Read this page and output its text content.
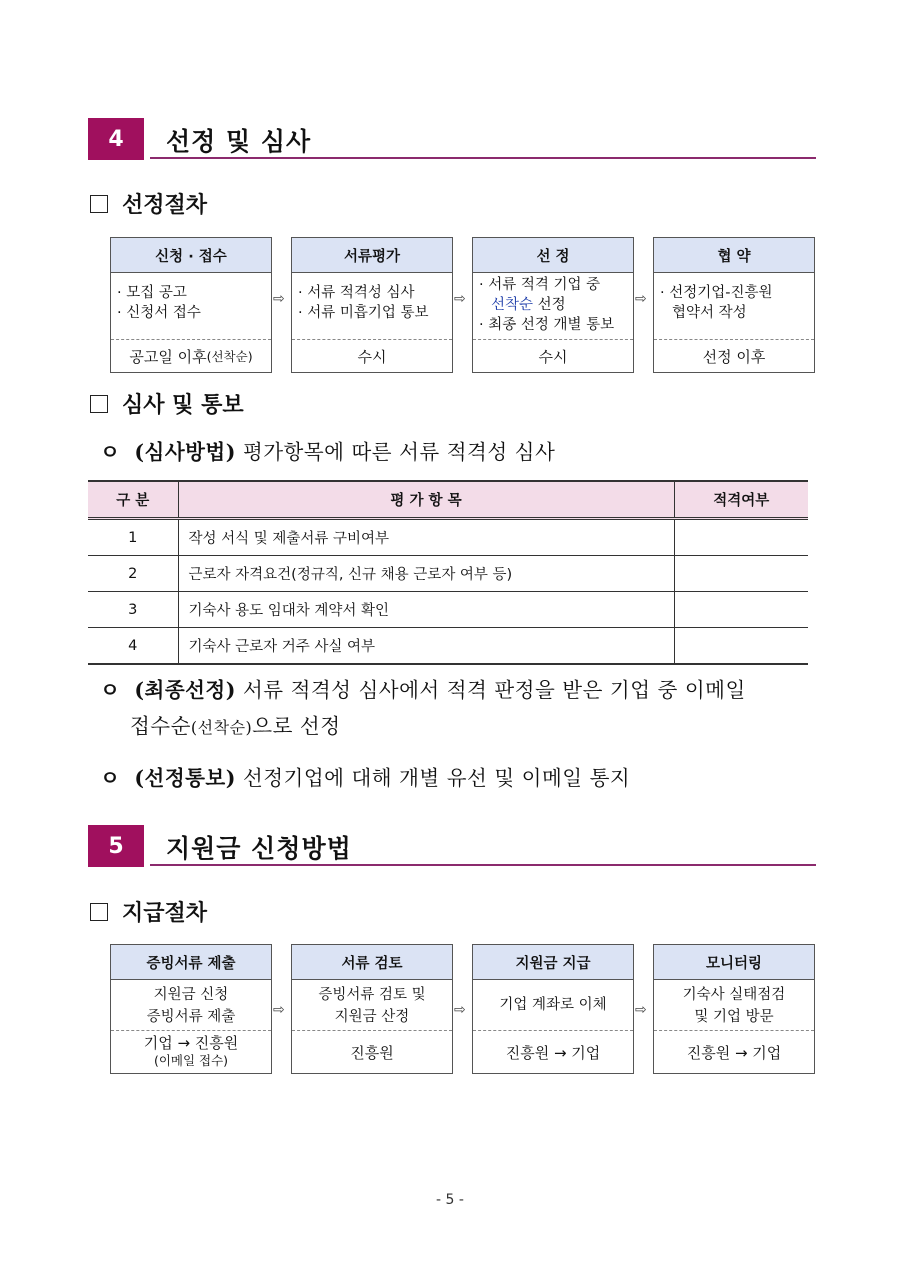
4	선정 및 심사
선정절차
신청 · 접수
· 모집 공고
· 신청서 접수
공고일 이후 (선착순)
⇨
서류평가
· 서류 적격성 심사
· 서류 미흡기업 통보
수시
⇨
선 정
· 서류 적격 기업 중
선착순 선정
· 최종 선정 개별 통보
수시
⇨
협 약
· 선정기업-진흥원
협약서 작성
선정 이후
심사 및 통보
ㅇ (심사방법) 평가항목에 따른 서류 적격성 심사
구 분	평 가 항 목	적격여부
1	작성 서식 및 제출서류 구비여부	
2	근로자 자격요건(정규직, 신규 채용 근로자 여부 등)	
3	기숙사 용도 임대차 계약서 확인	
4	기숙사 근로자 거주 사실 여부	
ㅇ (최종선정) 서류 적격성 심사에서 적격 판정을 받은 기업 중 이메일
접수순(선착순)으로 선정
ㅇ (선정통보) 선정기업에 대해 개별 유선 및 이메일 통지
5	지원금 신청방법
지급절차
증빙서류 제출
지원금 신청
증빙서류 제출
기업 → 진흥원
(이메일 접수)
⇨
서류 검토
증빙서류 검토 및
지원금 산정
진흥원
⇨
지원금 지급
기업 계좌로 이체
진흥원 → 기업
⇨
모니터링
기숙사 실태점검
및 기업 방문
진흥원 → 기업
- 5 -
